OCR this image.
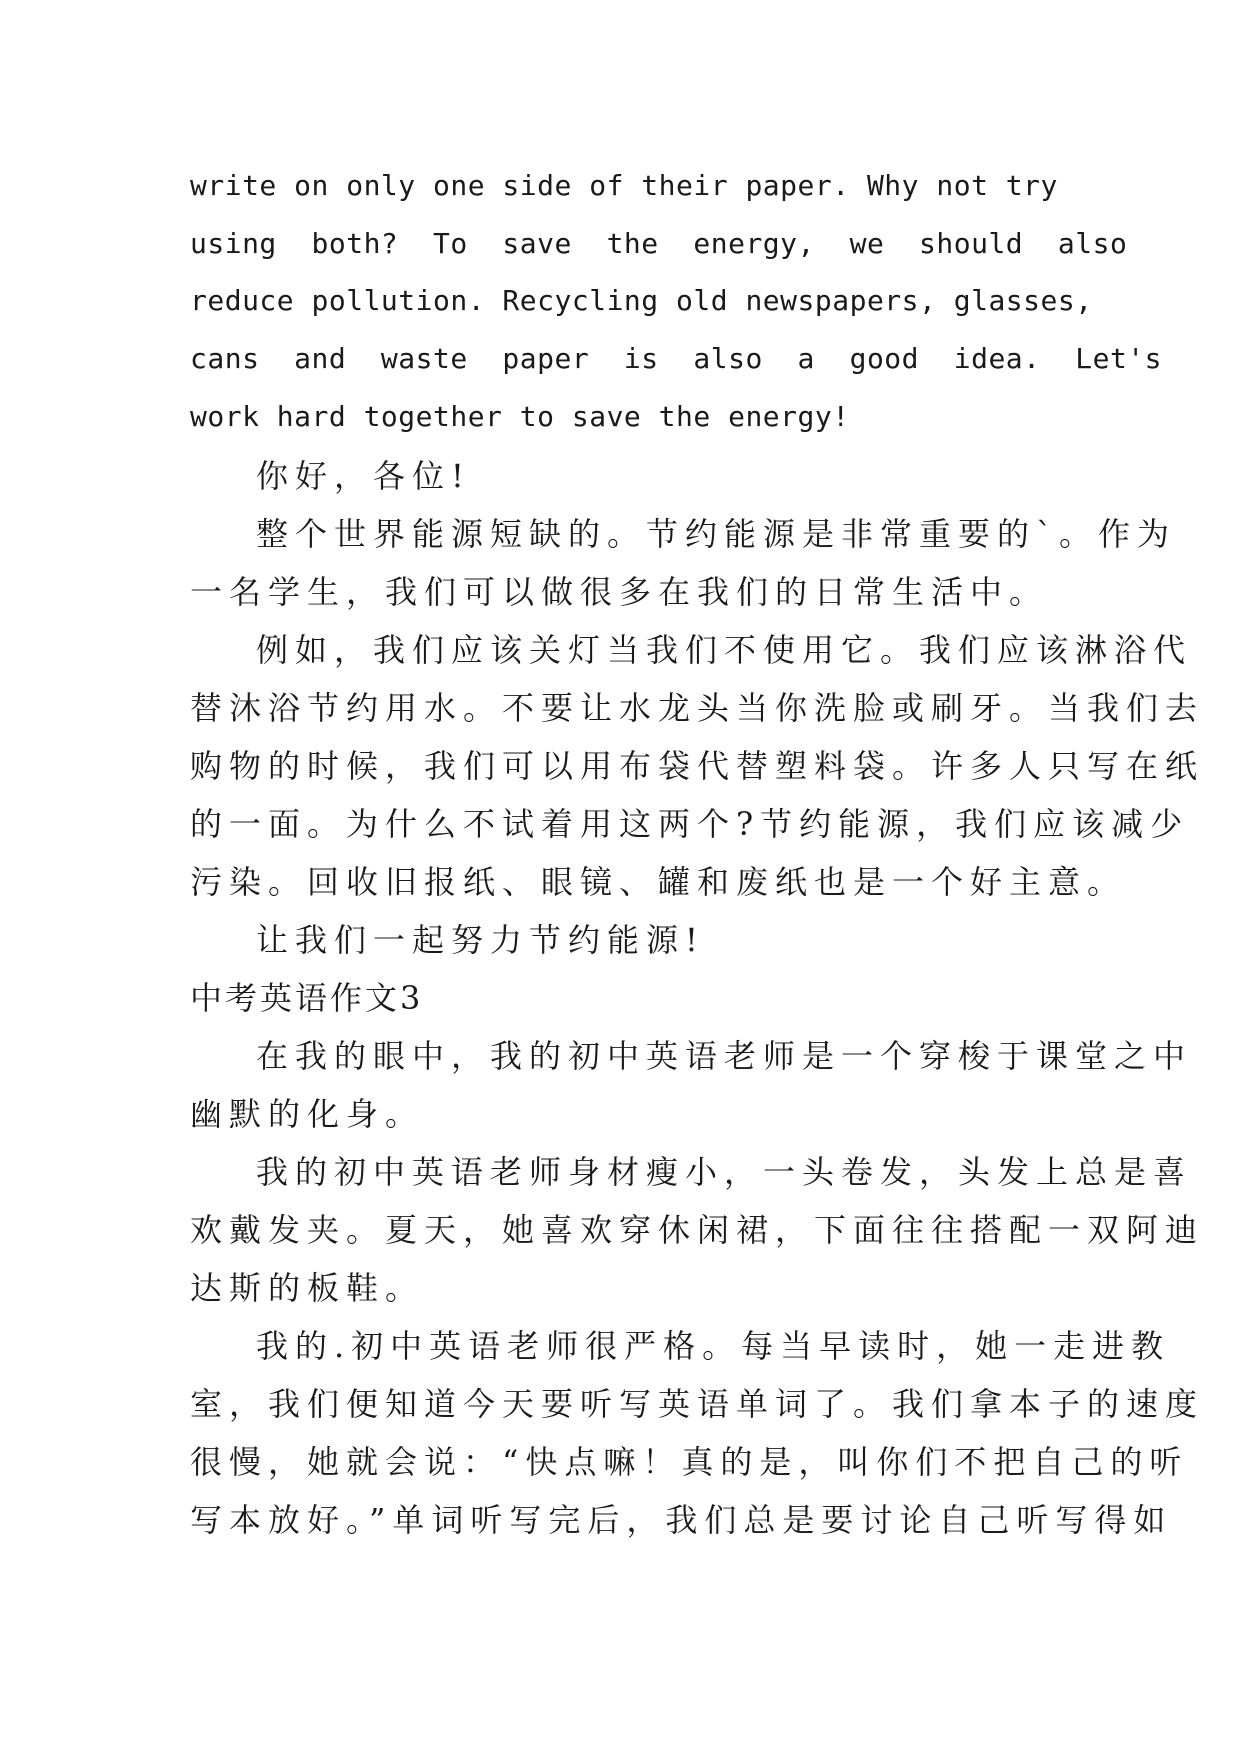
write on only one side of their paper. Why not try
using  both?  To  save  the  energy,  we  should  also
reduce pollution. Recycling old newspapers, glasses,
cans  and  waste  paper  is  also  a  good  idea.  Let's
work hard together to save the energy!
你好，各位!
整个世界能源短缺的。节约能源是非常重要的`。作为
一名学生，我们可以做很多在我们的日常生活中。
例如，我们应该关灯当我们不使用它。我们应该淋浴代
替沐浴节约用水。不要让水龙头当你洗脸或刷牙。当我们去
购物的时候，我们可以用布袋代替塑料袋。许多人只写在纸
的一面。为什么不试着用这两个?节约能源，我们应该减少
污染。回收旧报纸、眼镜、罐和废纸也是一个好主意。
让我们一起努力节约能源!
中考英语作文3
在我的眼中，我的初中英语老师是一个穿梭于课堂之中
幽默的化身。
我的初中英语老师身材瘦小，一头卷发，头发上总是喜
欢戴发夹。夏天，她喜欢穿休闲裙，下面往往搭配一双阿迪
达斯的板鞋。
我的.初中英语老师很严格。每当早读时，她一走进教
室，我们便知道今天要听写英语单词了。我们拿本子的速度
很慢，她就会说：“快点嘛！真的是，叫你们不把自己的听
写本放好。”单词听写完后，我们总是要讨论自己听写得如
